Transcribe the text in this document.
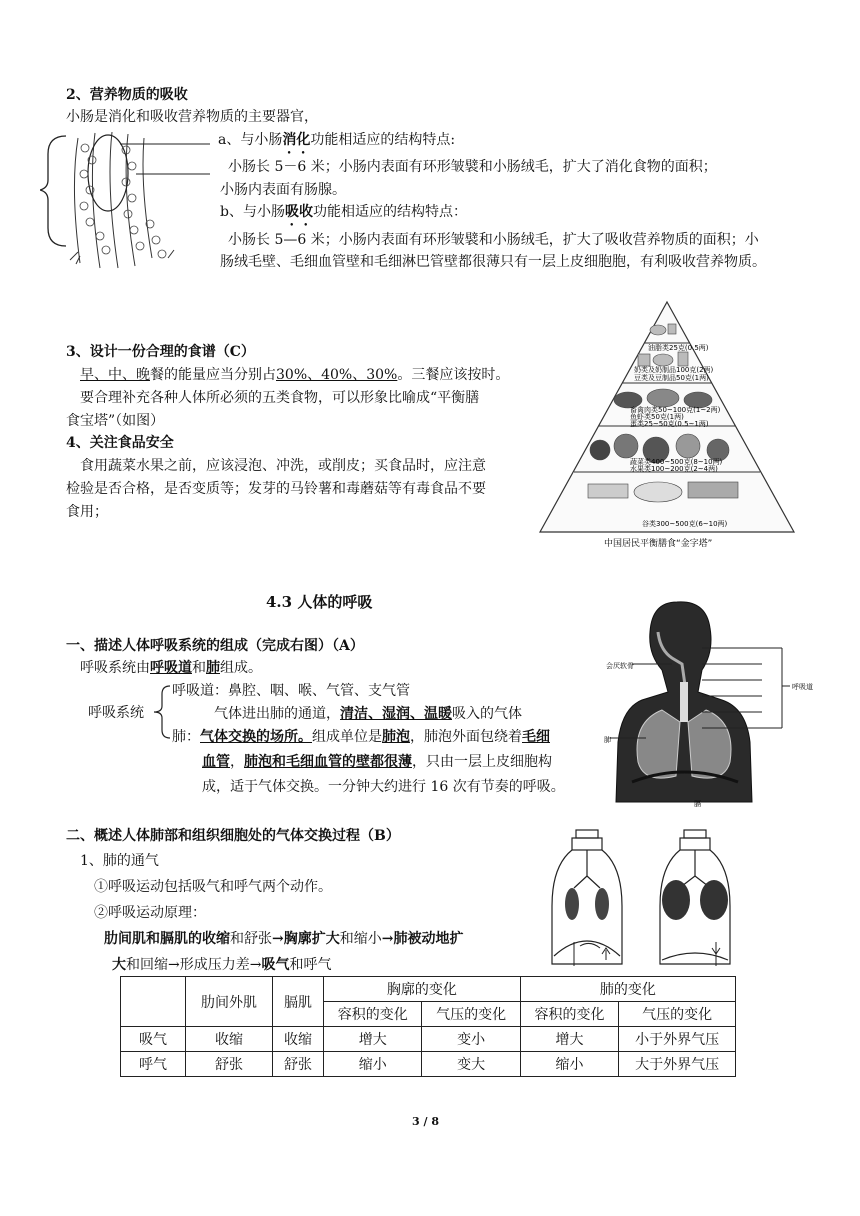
2、营养物质的吸收
小肠是消化和吸收营养物质的主要器官，
a、与小肠消化功能相适应的结构特点:
小肠长 5－6 米；小肠内表面有环形皱襞和小肠绒毛，扩大了消化食物的面积；
小肠内表面有肠腺。
b、与小肠吸收功能相适应的结构特点：
小肠长 5—6 米；小肠内表面有环形皱襞和小肠绒毛，扩大了吸收营养物质的面积；小
肠绒毛壁、毛细血管壁和毛细淋巴管壁都很薄只有一层上皮细胞胞，有利吸收营养物质。
3、设计一份合理的食谱（C）
早、中、晚餐的能量应当分别占30%、40%、30%。三餐应该按时。
要合理补充各种人体所必须的五类食物，可以形象比喻成“平衡膳
食宝塔”（如图）
4、关注食品安全
食用蔬菜水果之前，应该浸泡、冲洗，或削皮；买食品时，应注意
检验是否合格，是否变质等；发芽的马铃薯和毒蘑菇等有毒食品不要
食用；
油脂类25克(0.5两)
奶类及奶制品100克(2两)
豆类及豆制品50克(1两)
畜禽肉类50~100克(1~2两)
鱼虾类50克(1两)
蛋类25~50克(0.5~1两)
蔬菜类400~500克(8~10两)
水果类100~200克(2~4两)
谷类300~500克(6~10两)
中国居民平衡膳食“金字塔”
4.3 人体的呼吸
一、描述人体呼吸系统的组成（完成右图）（A）
呼吸系统由呼吸道和肺组成。
呼吸系统
呼吸道：鼻腔、咽、喉、气管、支气管
气体进出肺的通道，清洁、湿润、温暖吸入的气体
肺：气体交换的场所。组成单位是肺泡，肺泡外面包绕着毛细
血管，肺泡和毛细血管的壁都很薄，只由一层上皮细胞构
成，适于气体交换。一分钟大约进行 16 次有节奏的呼吸。
会厌软骨
肺
膈
呼吸道
二、概述人体肺部和组织细胞处的气体交换过程（B）
1、肺的通气
①呼吸运动包括吸气和呼气两个动作。
②呼吸运动原理：
肋间肌和膈肌的收缩和舒张→胸廓扩大和缩小→肺被动地扩
大和回缩→形成压力差→吸气和呼气
	肋间外肌	膈肌	胸廓的变化		肺的变化	
			容积的变化	气压的变化	容积的变化	气压的变化
吸气	收缩	收缩	增大	变小	增大	小于外界气压
呼气	舒张	舒张	缩小	变大	缩小	大于外界气压
3 / 8
